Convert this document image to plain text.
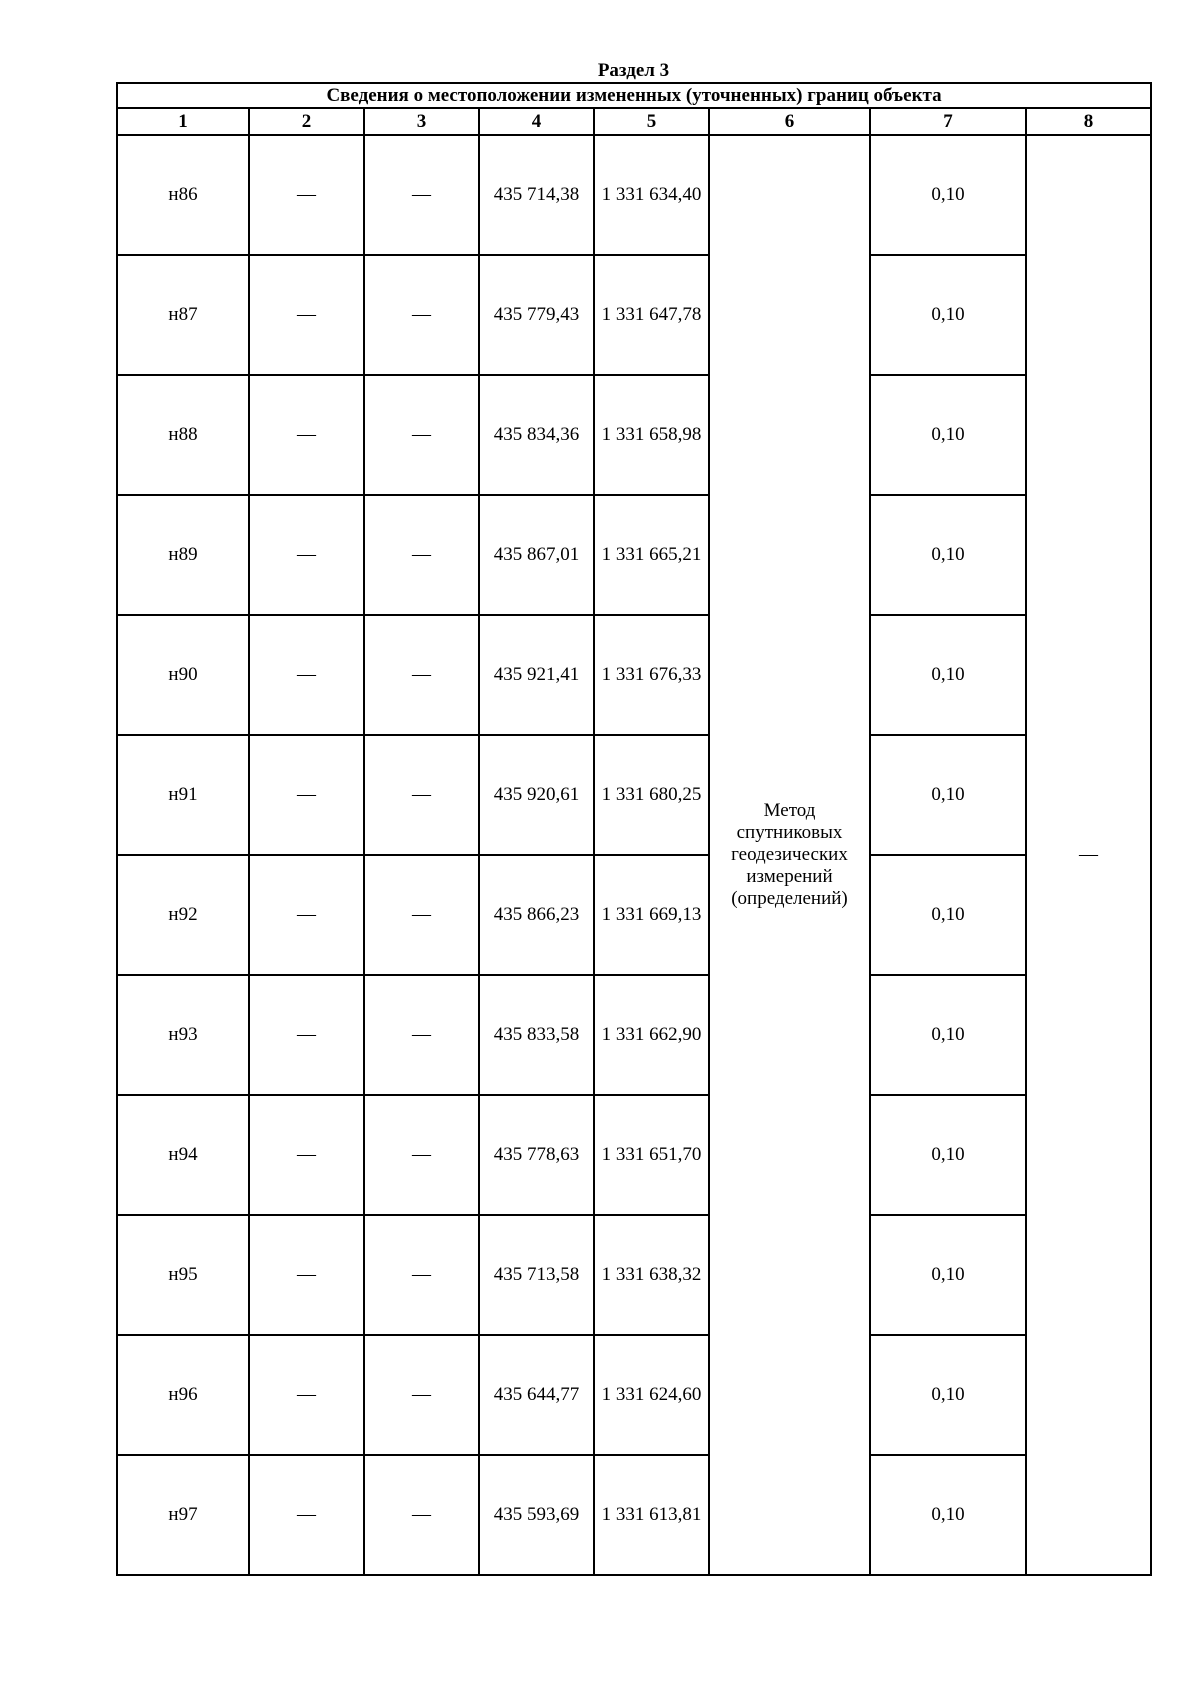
Раздел 3
Сведения о местоположении измененных (уточненных) границ объекта							
1	2	3	4	5	6	7	8
н86	—	—	435 714,38	1 331 634,40	Метод
спутниковых
геодезических
измерений
(определений)	0,10	—
н87	—	—	435 779,43	1 331 647,78		0,10	
н88	—	—	435 834,36	1 331 658,98		0,10	
н89	—	—	435 867,01	1 331 665,21		0,10	
н90	—	—	435 921,41	1 331 676,33		0,10	
н91	—	—	435 920,61	1 331 680,25		0,10	
н92	—	—	435 866,23	1 331 669,13		0,10	
н93	—	—	435 833,58	1 331 662,90		0,10	
н94	—	—	435 778,63	1 331 651,70		0,10	
н95	—	—	435 713,58	1 331 638,32		0,10	
н96	—	—	435 644,77	1 331 624,60		0,10	
н97	—	—	435 593,69	1 331 613,81		0,10	
